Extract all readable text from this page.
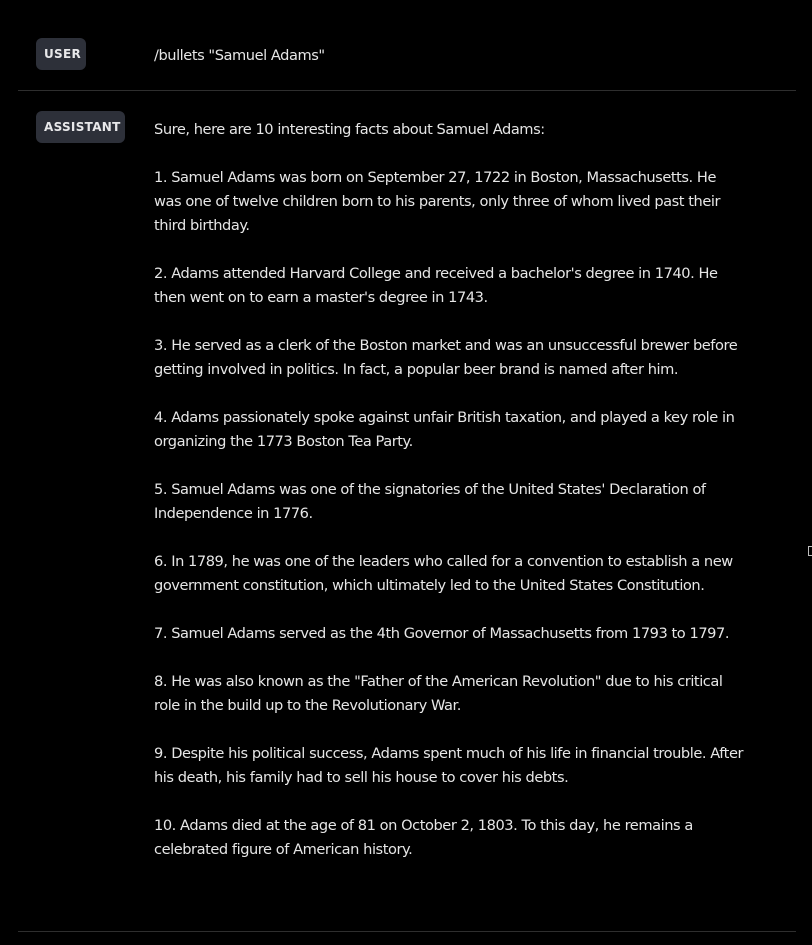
USER	/bullets "Samuel Adams"
ASSISTANT Sure, here are 10 interesting facts about Samuel Adams:

1. Samuel Adams was born on September 27, 1722 in Boston, Massachusetts. He was one of twelve children born to his parents, only three of whom lived past their third birthday.

2. Adams attended Harvard College and received a bachelor's degree in 1740. He then went on to earn a master's degree in 1743.

3. He served as a clerk of the Boston market and was an unsuccessful brewer before getting involved in politics. In fact, a popular beer brand is named after him.

4. Adams passionately spoke against unfair British taxation, and played a key role in organizing the 1773 Boston Tea Party.

5. Samuel Adams was one of the signatories of the United States' Declaration of Independence in 1776.

6. In 1789, he was one of the leaders who called for a convention to establish a new government constitution, which ultimately led to the United States Constitution.

7. Samuel Adams served as the 4th Governor of Massachusetts from 1793 to 1797.

8. He was also known as the "Father of the American Revolution" due to his critical role in the build up to the Revolutionary War.

9. Despite his political success, Adams spent much of his life in financial trouble. After his death, his family had to sell his house to cover his debts.

10. Adams died at the age of 81 on October 2, 1803. To this day, he remains a celebrated figure of American history.
